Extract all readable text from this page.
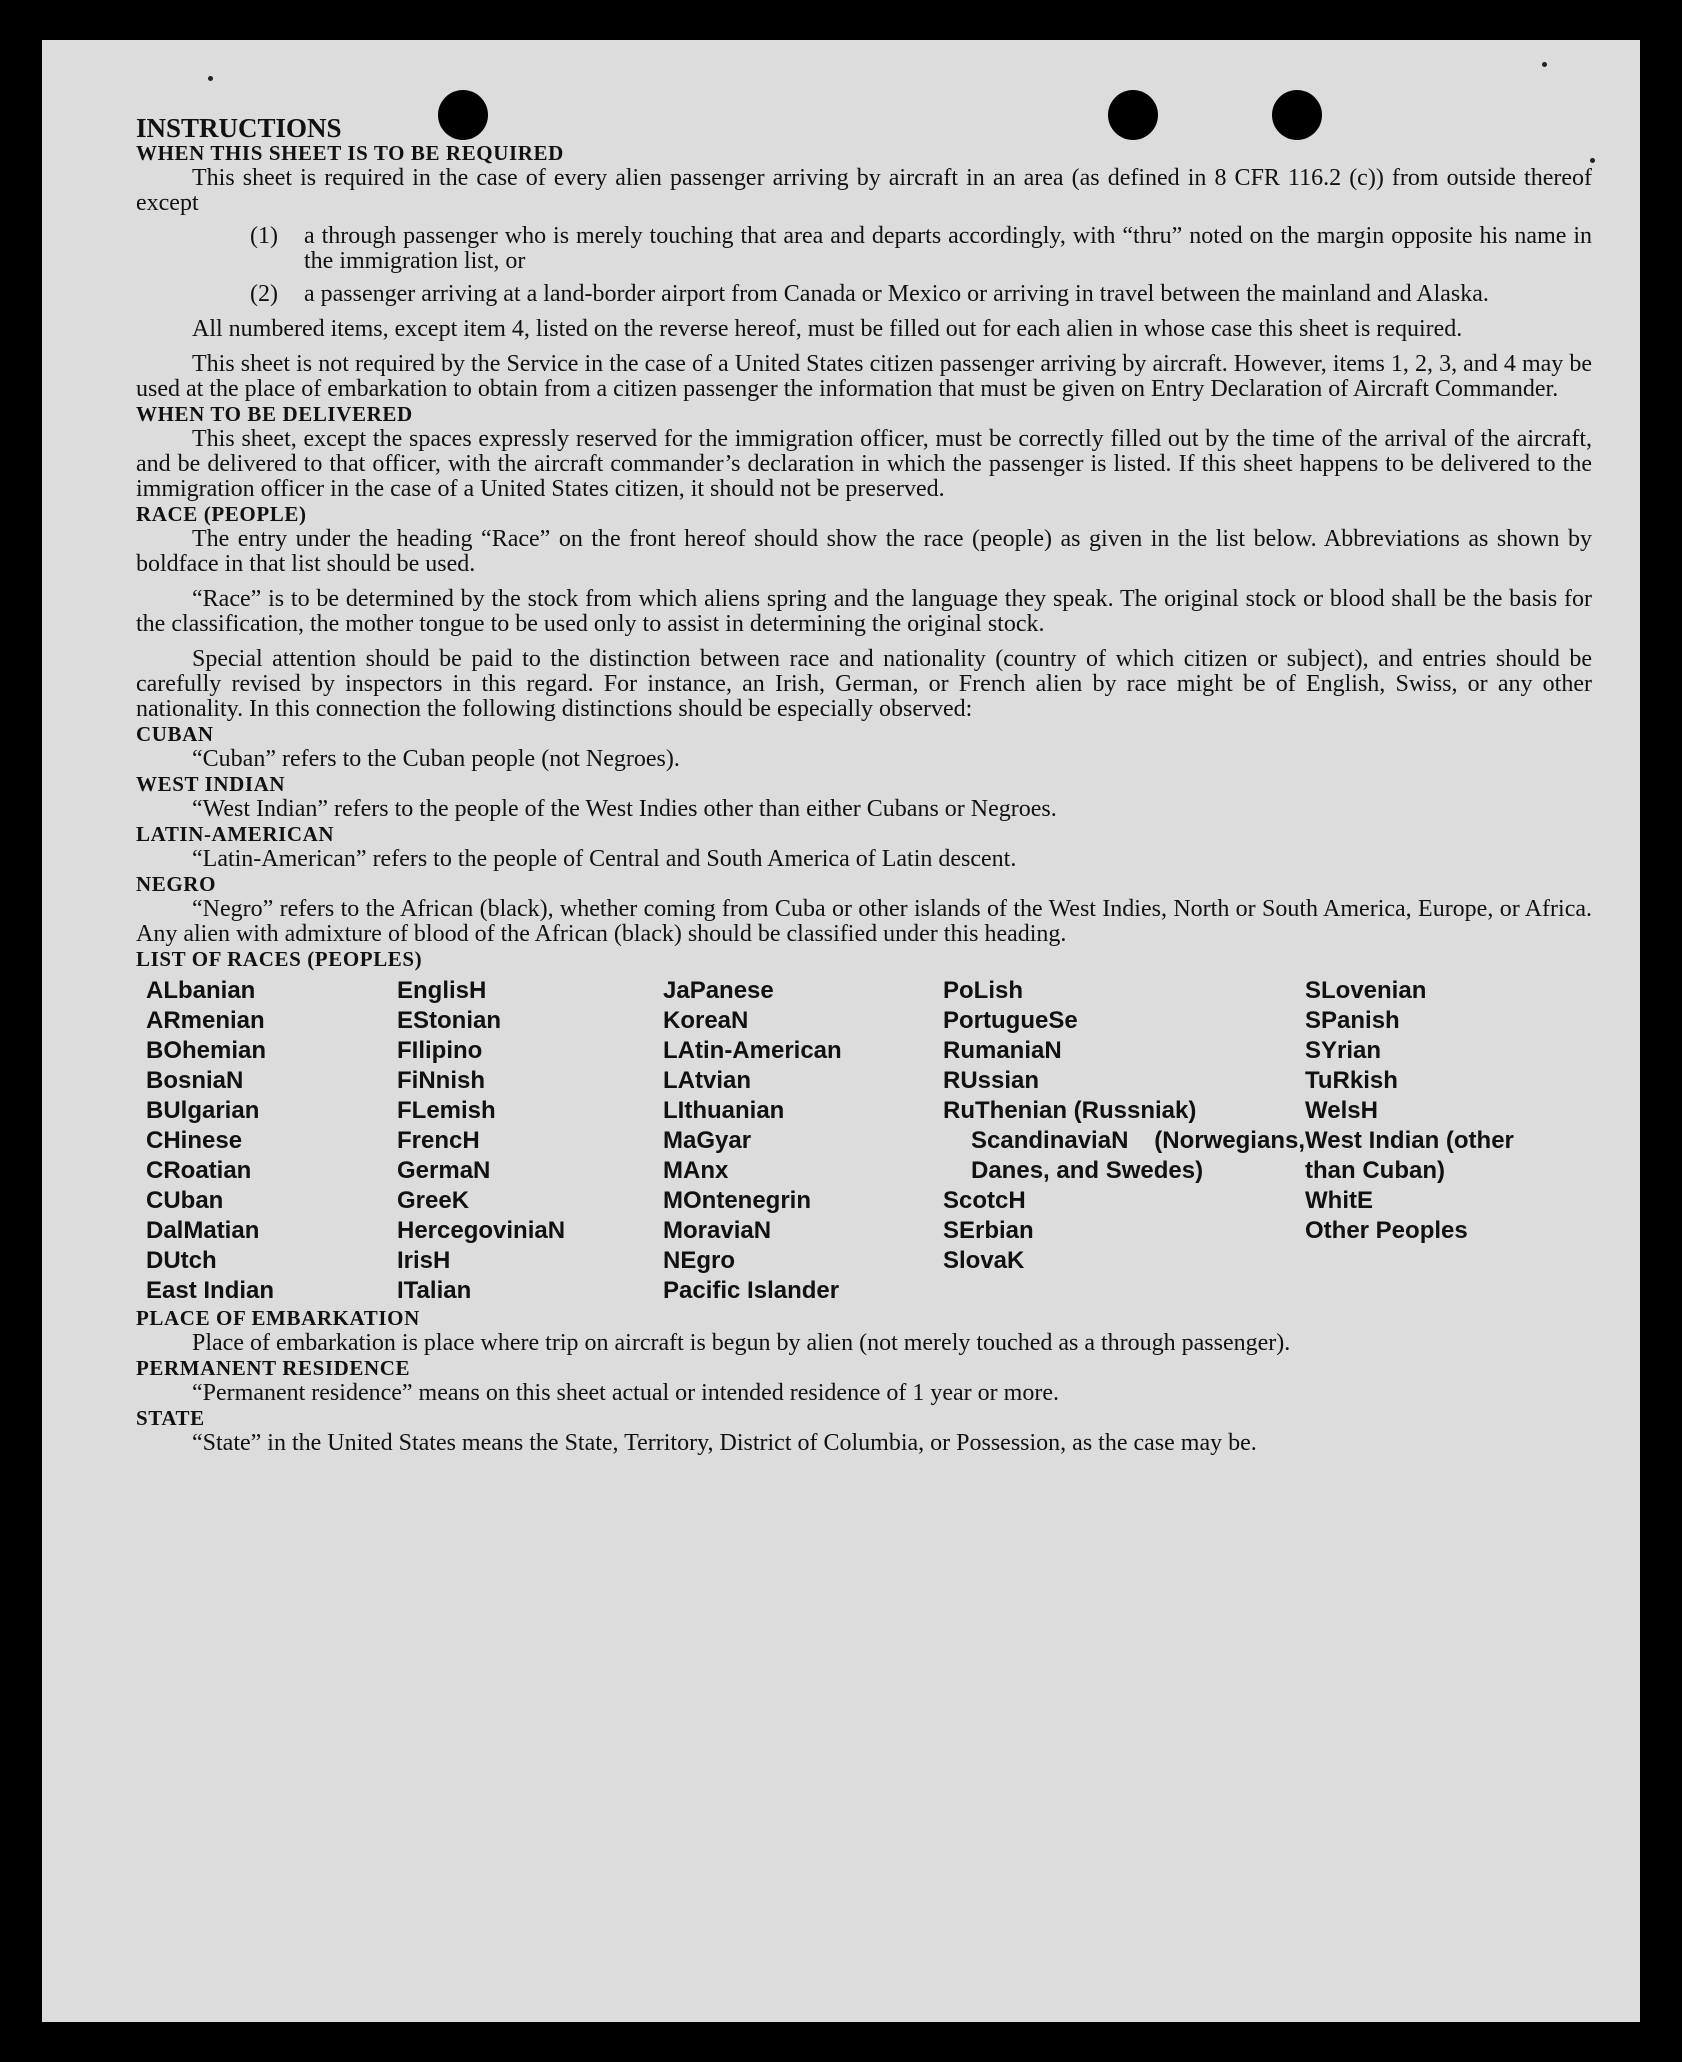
INSTRUCTIONS

WHEN THIS SHEET IS TO BE REQUIRED

This sheet is required in the case of every alien passenger arriving by aircraft in an area (as defined in 8 CFR 116.2 (c)) from outside thereof except

(1)	a through passenger who is merely touching that area and departs accordingly, with “thru” noted on the margin opposite his name in the immigration list, or
(2)	a passenger arriving at a land-border airport from Canada or Mexico or arriving in travel between the mainland and Alaska.

All numbered items, except item 4, listed on the reverse hereof, must be filled out for each alien in whose case this sheet is required.

This sheet is not required by the Service in the case of a United States citizen passenger arriving by aircraft. However, items 1, 2, 3, and 4 may be used at the place of embarkation to obtain from a citizen passenger the information that must be given on Entry Declaration of Aircraft Commander.

WHEN TO BE DELIVERED

This sheet, except the spaces expressly reserved for the immigration officer, must be correctly filled out by the time of the arrival of the aircraft, and be delivered to that officer, with the aircraft commander’s declaration in which the passenger is listed. If this sheet happens to be delivered to the immigration officer in the case of a United States citizen, it should not be preserved.

RACE (PEOPLE)

The entry under the heading “Race” on the front hereof should show the race (people) as given in the list below. Abbreviations as shown by boldface in that list should be used.

“Race” is to be determined by the stock from which aliens spring and the language they speak. The original stock or blood shall be the basis for the classification, the mother tongue to be used only to assist in determining the original stock.

Special attention should be paid to the distinction between race and nationality (country of which citizen or subject), and entries should be carefully revised by inspectors in this regard. For instance, an Irish, German, or French alien by race might be of English, Swiss, or any other nationality. In this connection the following distinctions should be especially observed:

CUBAN

“Cuban” refers to the Cuban people (not Negroes).

WEST INDIAN

“West Indian” refers to the people of the West Indies other than either Cubans or Negroes.

LATIN-AMERICAN

“Latin-American” refers to the people of Central and South America of Latin descent.

NEGRO

“Negro” refers to the African (black), whether coming from Cuba or other islands of the West Indies, North or South America, Europe, or Africa. Any alien with admixture of blood of the African (black) should be classified under this heading.

LIST OF RACES (PEOPLES)

ALbanian
ARmenian
BOhemian
BosniaN
BUlgarian
CHinese
CRoatian
CUban
DalMatian
DUtch
East Indian
EnglisH
EStonian
FIlipino
FiNnish
FLemish
FrencH
GermaN
GreeK
HercegoviniaN
IrisH
ITalian
JaPanese
KoreaN
LAtin-American
LAtvian
LIthuanian
MaGyar
MAnx
MOntenegrin
MoraviaN
NEgro
Pacific Islander
PoLish
PortugueSe
RumaniaN
RUssian
RuThenian (Russniak)
ScandinaviaN (Norwegians, Danes, and Swedes)
ScotcH
SErbian
SlovaK
SLovenian
SPanish
SYrian
TuRkish
WelsH
West Indian (other than Cuban)
WhitE
Other Peoples

PLACE OF EMBARKATION

Place of embarkation is place where trip on aircraft is begun by alien (not merely touched as a through passenger).

PERMANENT RESIDENCE

“Permanent residence” means on this sheet actual or intended residence of 1 year or more.

STATE

“State” in the United States means the State, Territory, District of Columbia, or Possession, as the case may be.
